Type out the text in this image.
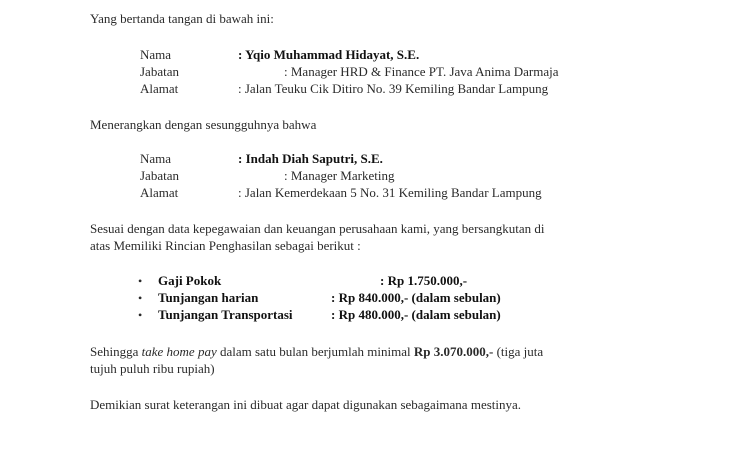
Yang bertanda tangan di bawah ini:
Nama	: Yqio Muhammad Hidayat, S.E.
Jabatan	: Manager HRD & Finance PT. Java Anima Darmaja
Alamat	: Jalan Teuku Cik Ditiro No. 39 Kemiling Bandar Lampung
Menerangkan dengan sesungguhnya bahwa
Nama	: Indah Diah Saputri, S.E.
Jabatan	: Manager Marketing
Alamat	: Jalan Kemerdekaan 5 No. 31 Kemiling Bandar Lampung
Sesuai dengan data kepegawaian dan keuangan perusahaan kami, yang bersangkutan di
atas Memiliki Rincian Penghasilan sebagai berikut :
• Gaji Pokok	: Rp 1.750.000,-
• Tunjangan harian	: Rp 840.000,- (dalam sebulan)
• Tunjangan Transportasi	: Rp 480.000,- (dalam sebulan)
Sehingga take home pay dalam satu bulan berjumlah minimal Rp 3.070.000,- (tiga juta
tujuh puluh ribu rupiah)
Demikian surat keterangan ini dibuat agar dapat digunakan sebagaimana mestinya.
